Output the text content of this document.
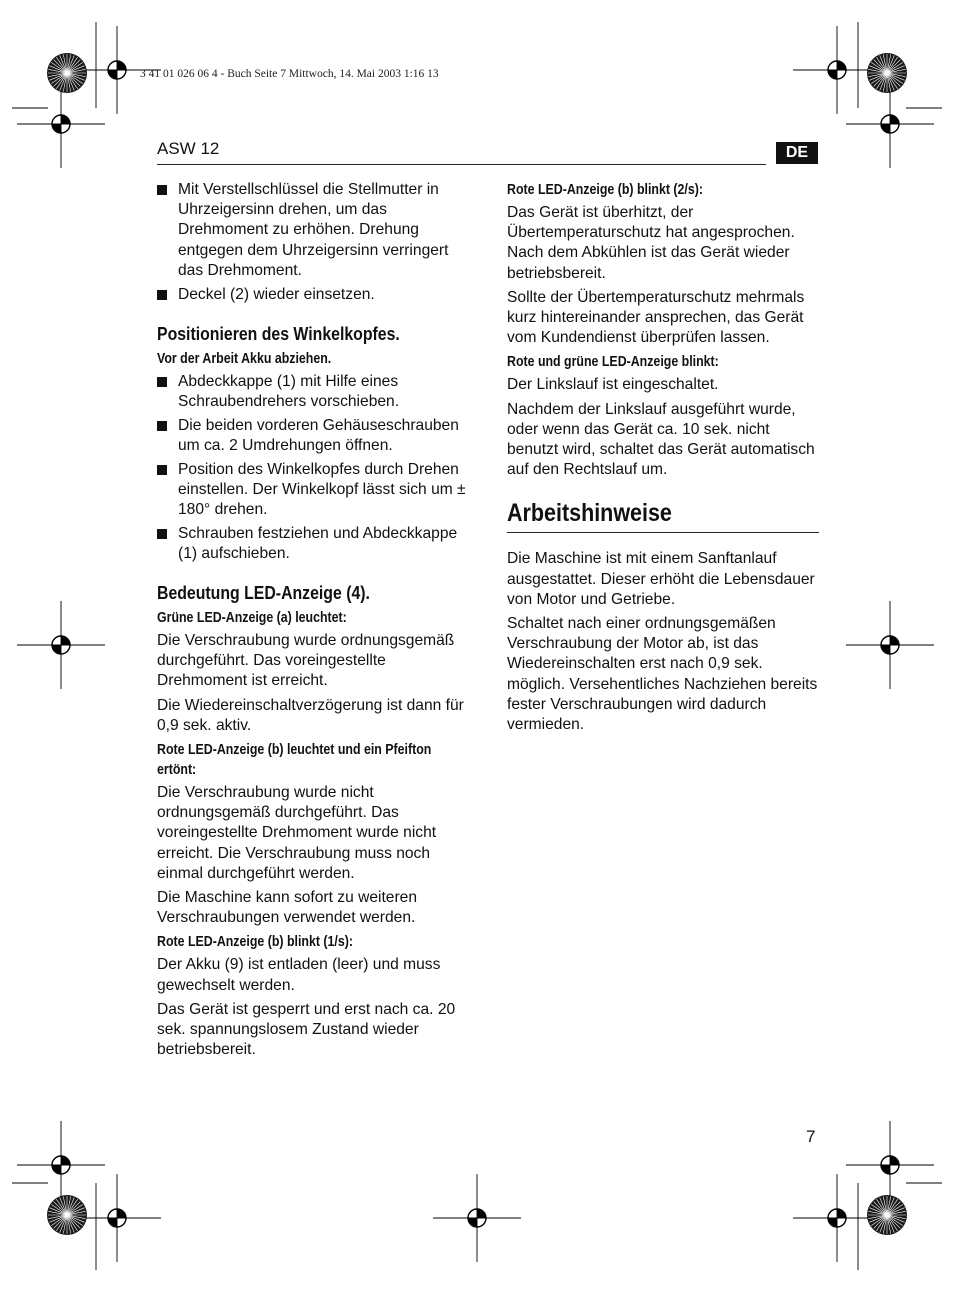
3 41 01 026 06 4 - Buch Seite 7 Mittwoch, 14. Mai 2003 1:16 13
ASW 12	DE
Mit Verstellschlüssel die Stellmutter in Uhrzeigersinn drehen, um das Drehmoment zu erhöhen. Drehung entgegen dem Uhrzeigersinn verringert das Drehmoment.
Deckel (2) wieder einsetzen.
Positionieren des Winkelkopfes.
Vor der Arbeit Akku abziehen.
Abdeckkappe (1) mit Hilfe eines Schraubendrehers vorschieben.
Die beiden vorderen Gehäuseschrauben um ca. 2 Umdrehungen öffnen.
Position des Winkelkopfes durch Drehen einstellen. Der Winkelkopf lässt sich um ± 180° drehen.
Schrauben festziehen und Abdeckkappe (1) aufschieben.
Bedeutung LED-Anzeige (4).
Grüne LED-Anzeige (a) leuchtet:

Die Verschraubung wurde ordnungsgemäß durchgeführt. Das voreingestellte Drehmoment ist erreicht.

Die Wiedereinschaltverzögerung ist dann für 0,9 sek. aktiv.

Rote LED-Anzeige (b) leuchtet und ein Pfeifton ertönt:

Die Verschraubung wurde nicht ordnungsgemäß durchgeführt. Das voreingestellte Drehmoment wurde nicht erreicht. Die Verschraubung muss noch einmal durchgeführt werden.

Die Maschine kann sofort zu weiteren Verschraubungen verwendet werden.

Rote LED-Anzeige (b) blinkt (1/s):

Der Akku (9) ist entladen (leer) und muss gewechselt werden.

Das Gerät ist gesperrt und erst nach ca. 20 sek. spannungslosem Zustand wieder betriebsbereit.

Rote LED-Anzeige (b) blinkt (2/s):

Das Gerät ist überhitzt, der Übertemperaturschutz hat angesprochen. Nach dem Abkühlen ist das Gerät wieder betriebsbereit.

Sollte der Übertemperaturschutz mehrmals kurz hintereinander ansprechen, das Gerät vom Kundendienst überprüfen lassen.

Rote und grüne LED-Anzeige blinkt:

Der Linkslauf ist eingeschaltet.

Nachdem der Linkslauf ausgeführt wurde, oder wenn das Gerät ca. 10 sek. nicht benutzt wird, schaltet das Gerät automatisch auf den Rechtslauf um.

Arbeitshinweise

Die Maschine ist mit einem Sanftanlauf ausgestattet. Dieser erhöht die Lebensdauer von Motor und Getriebe.

Schaltet nach einer ordnungsgemäßen Verschraubung der Motor ab, ist das Wiedereinschalten erst nach 0,9 sek. möglich. Versehentliches Nachziehen bereits fester Verschraubungen wird dadurch vermieden.

7
